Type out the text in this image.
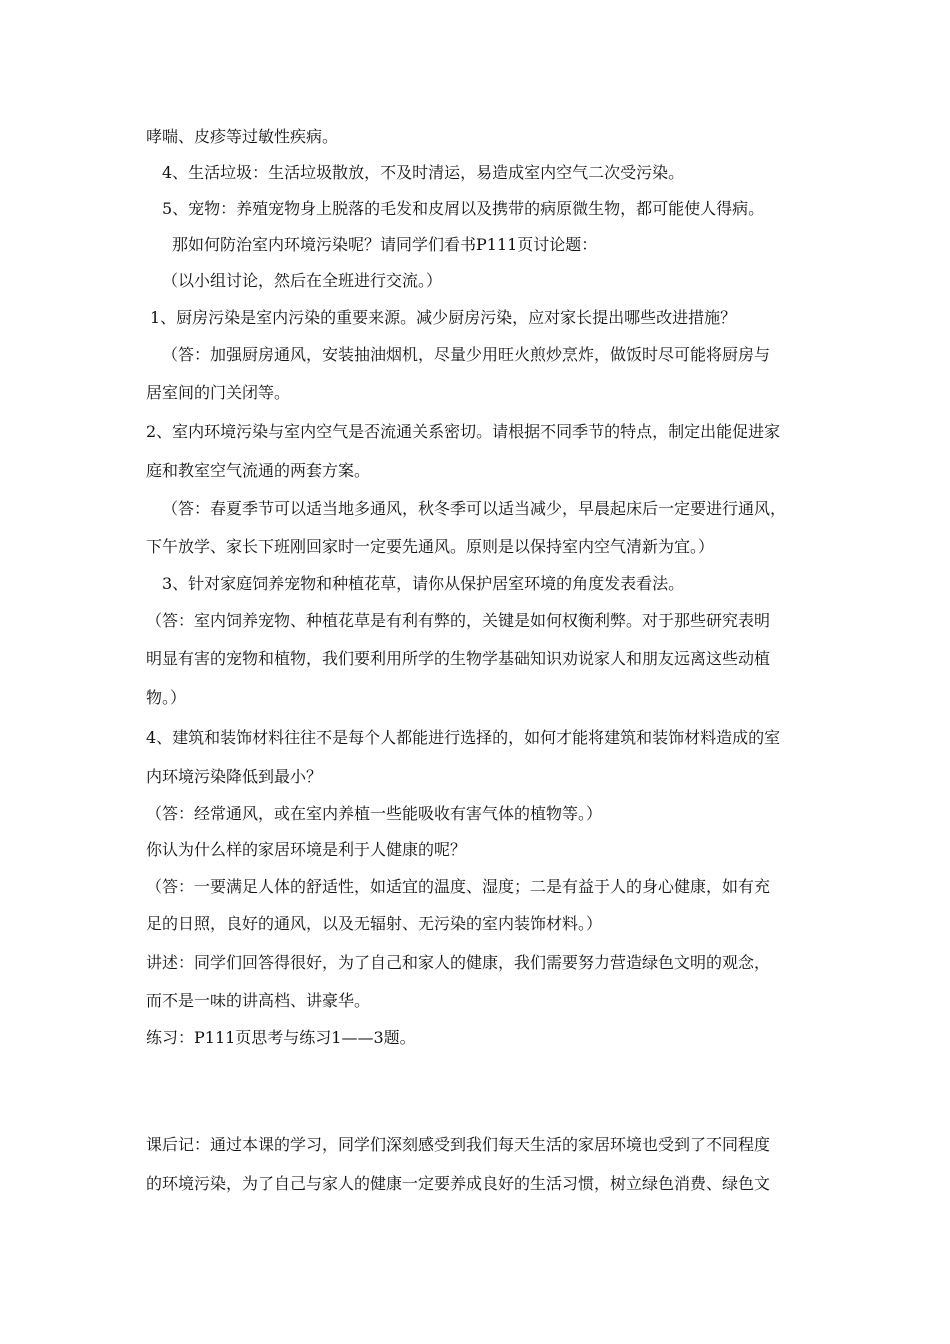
哮喘、皮疹等过敏性疾病。

4、生活垃圾：生活垃圾散放，不及时清运，易造成室内空气二次受污染。

5、宠物：养殖宠物身上脱落的毛发和皮屑以及携带的病原微生物，都可能使人得病。

那如何防治室内环境污染呢？请同学们看书P111页讨论题：

（以小组讨论，然后在全班进行交流。）

1、厨房污染是室内污染的重要来源。减少厨房污染，应对家长提出哪些改进措施？

（答：加强厨房通风，安装抽油烟机，尽量少用旺火煎炒烹炸，做饭时尽可能将厨房与

居室间的门关闭等。

2、室内环境污染与室内空气是否流通关系密切。请根据不同季节的特点，制定出能促进家

庭和教室空气流通的两套方案。

（答：春夏季节可以适当地多通风，秋冬季可以适当减少，早晨起床后一定要进行通风，

下午放学、家长下班刚回家时一定要先通风。原则是以保持室内空气清新为宜。）

3、针对家庭饲养宠物和种植花草，请你从保护居室环境的角度发表看法。

（答：室内饲养宠物、种植花草是有利有弊的，关键是如何权衡利弊。对于那些研究表明

明显有害的宠物和植物，我们要利用所学的生物学基础知识劝说家人和朋友远离这些动植

物。）

4、建筑和装饰材料往往不是每个人都能进行选择的，如何才能将建筑和装饰材料造成的室

内环境污染降低到最小？

（答：经常通风，或在室内养植一些能吸收有害气体的植物等。）

你认为什么样的家居环境是利于人健康的呢？

（答：一要满足人体的舒适性，如适宜的温度、湿度；二是有益于人的身心健康，如有充

足的日照，良好的通风，以及无辐射、无污染的室内装饰材料。）

讲述：同学们回答得很好，为了自己和家人的健康，我们需要努力营造绿色文明的观念，

而不是一味的讲高档、讲豪华。

练习：P111页思考与练习1——3题。

课后记：通过本课的学习，同学们深刻感受到我们每天生活的家居环境也受到了不同程度

的环境污染，为了自己与家人的健康一定要养成良好的生活习惯，树立绿色消费、绿色文
